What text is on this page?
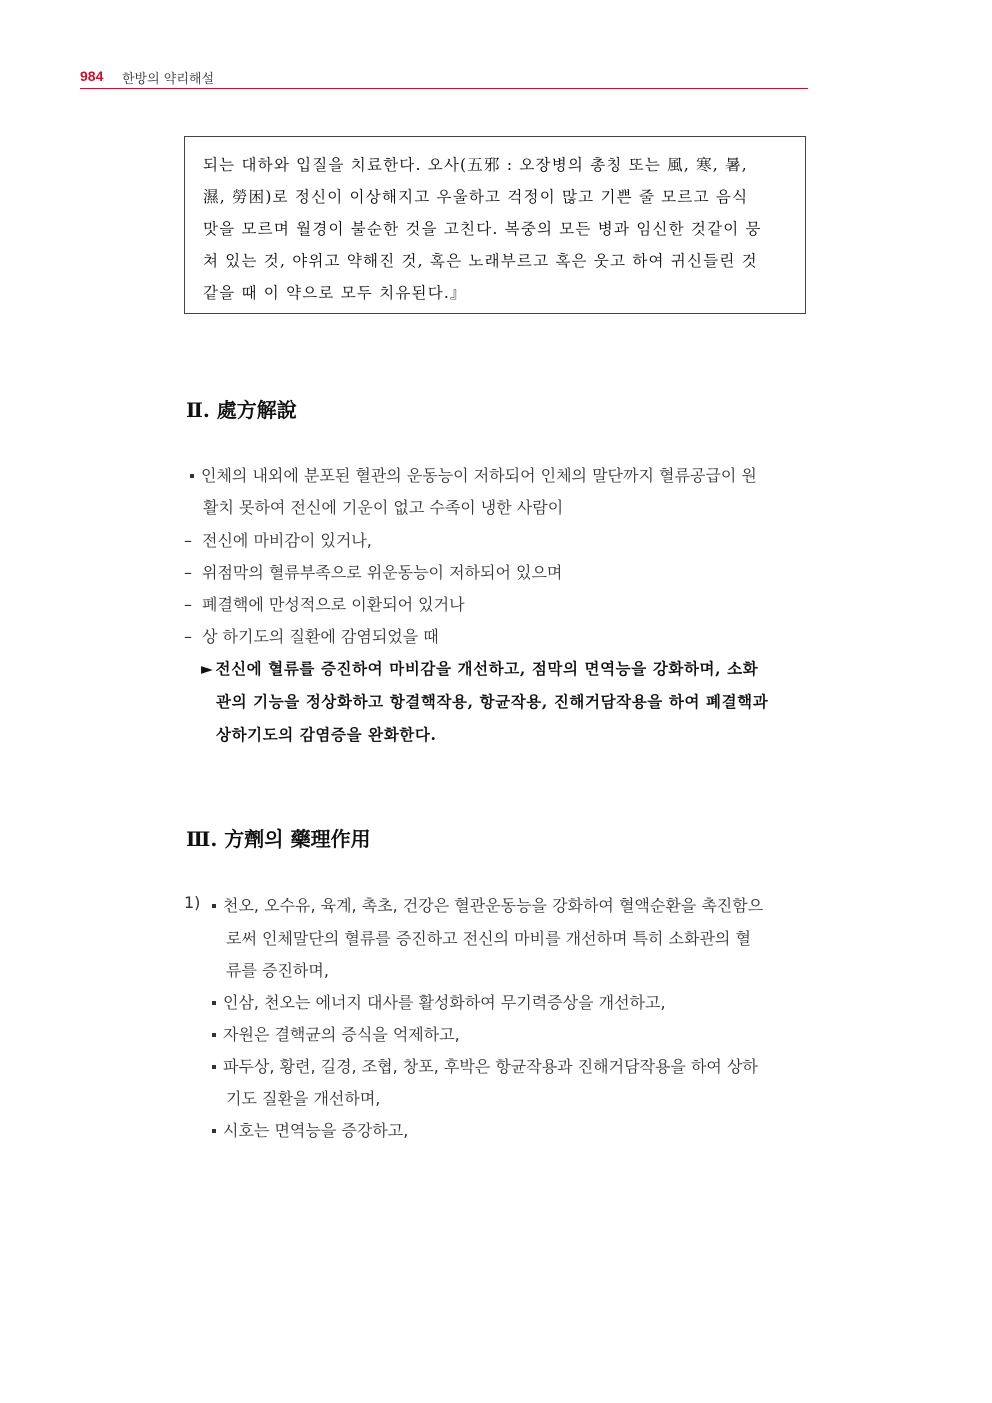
984 한방의 약리해설
되는 대하와 입질을 치료한다. 오사(五邪 : 오장병의 총칭 또는 風, 寒, 暑,
濕, 勞困)로 정신이 이상해지고 우울하고 걱정이 많고 기쁜 줄 모르고 음식
맛을 모르며 월경이 불순한 것을 고친다. 복중의 모든 병과 임신한 것같이 뭉
쳐 있는 것, 야위고 약해진 것, 혹은 노래부르고 혹은 웃고 하여 귀신들린 것
같을 때 이 약으로 모두 치유된다.』
Ⅱ. 處方解說
인체의 내외에 분포된 혈관의 운동능이 저하되어 인체의 말단까지 혈류공급이 원
활치 못하여 전신에 기운이 없고 수족이 냉한 사람이
– 전신에 마비감이 있거나,
– 위점막의 혈류부족으로 위운동능이 저하되어 있으며
– 폐결핵에 만성적으로 이환되어 있거나
– 상 하기도의 질환에 감염되었을 때
► 전신에 혈류를 증진하여 마비감을 개선하고, 점막의 면역능을 강화하며, 소화
관의 기능을 정상화하고 항결핵작용, 항균작용, 진해거담작용을 하여 폐결핵과
상하기도의 감염증을 완화한다.
Ⅲ. 方劑의 藥理作用
1)	천오, 오수유, 육계, 촉초, 건강은 혈관운동능을 강화하여 혈액순환을 촉진함으
로써 인체말단의 혈류를 증진하고 전신의 마비를 개선하며 특히 소화관의 혈
류를 증진하며,
인삼, 천오는 에너지 대사를 활성화하여 무기력증상을 개선하고,
자원은 결핵균의 증식을 억제하고,
파두상, 황련, 길경, 조협, 창포, 후박은 항균작용과 진해거담작용을 하여 상하
기도 질환을 개선하며,
시호는 면역능을 증강하고,
